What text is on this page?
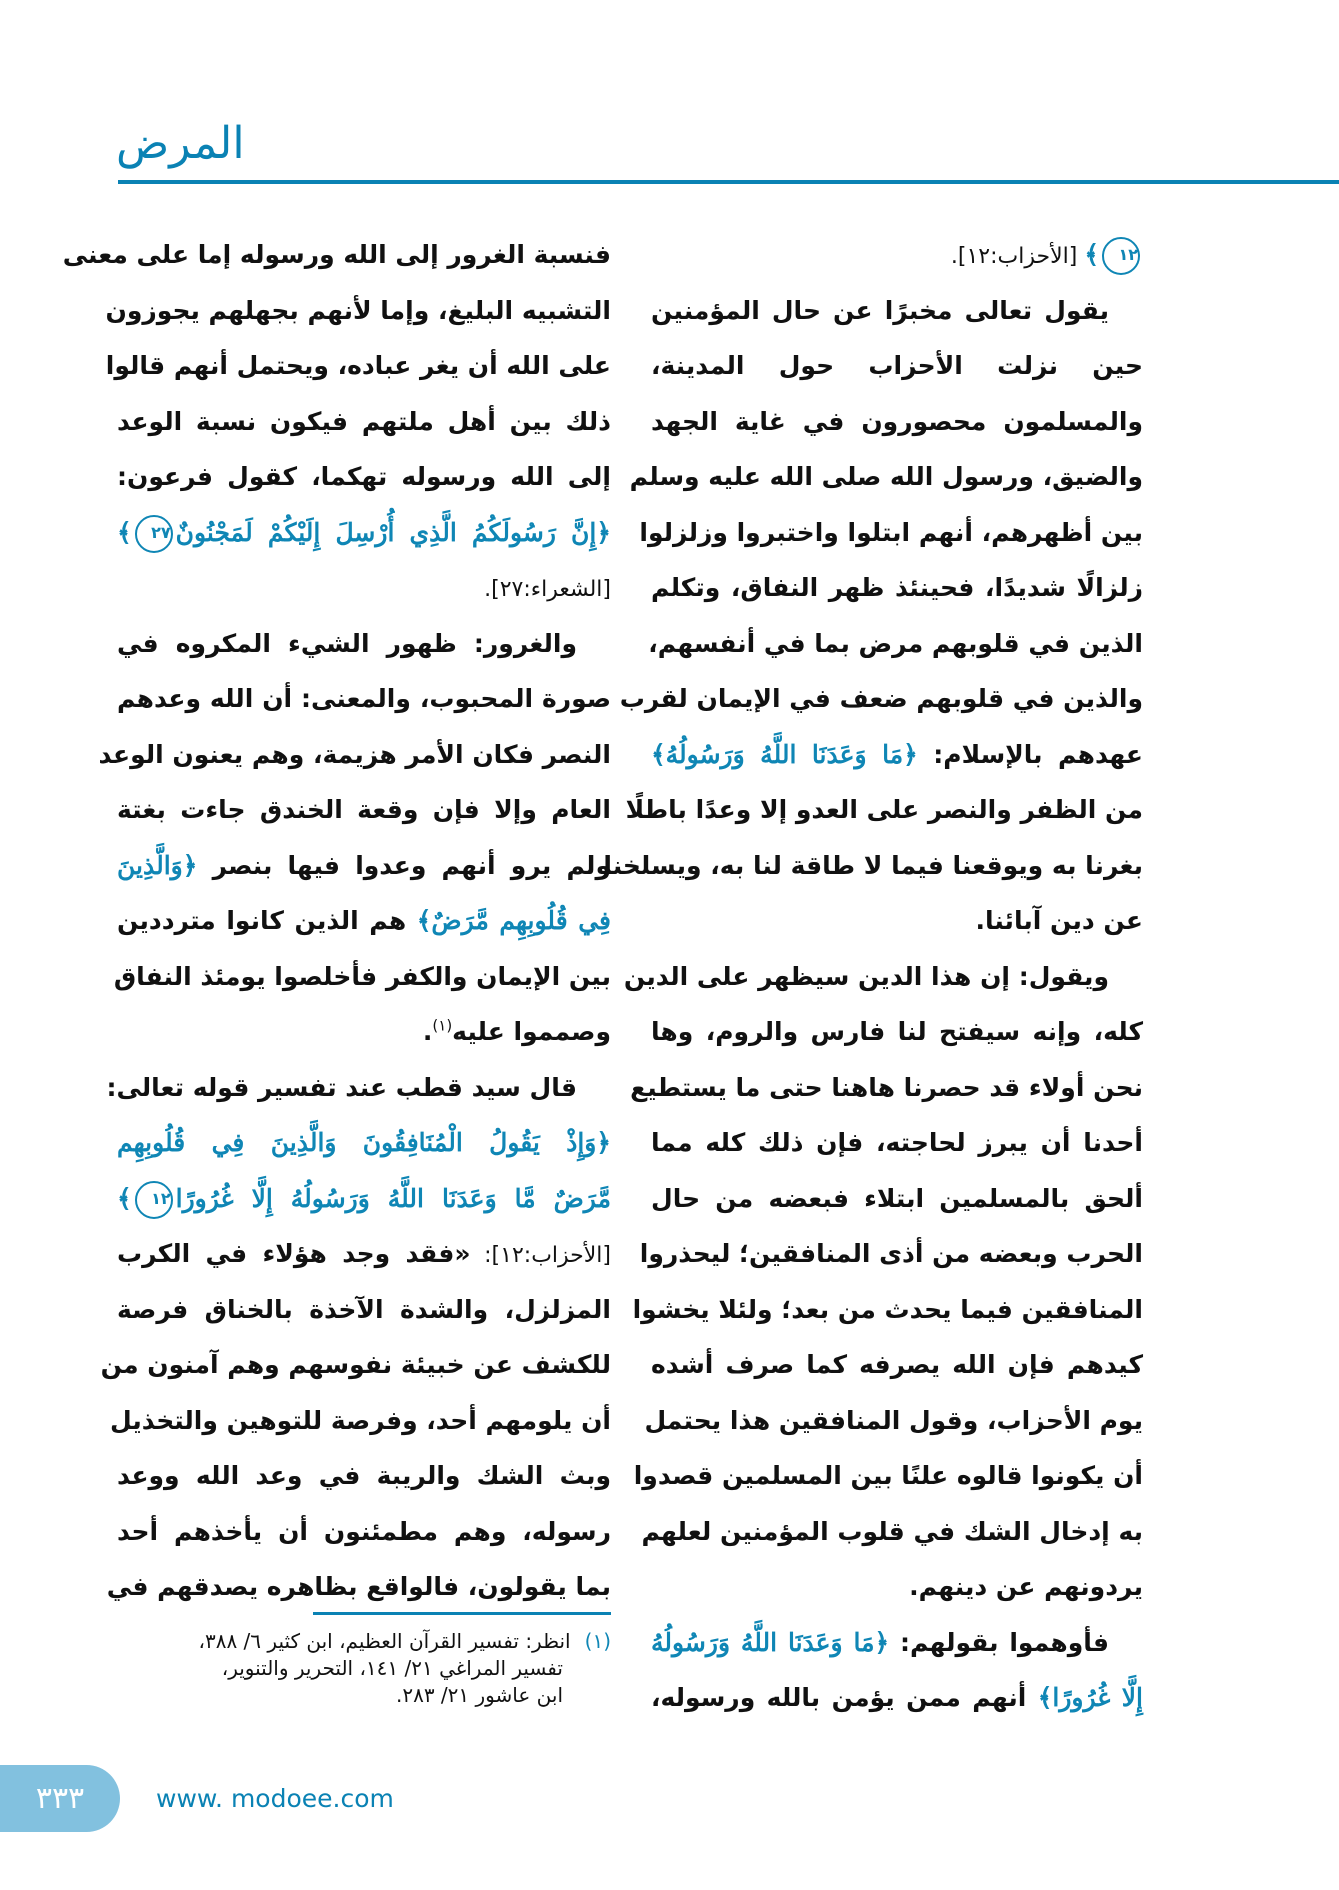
المرض
١٢﴾ [الأحزاب:١٢].
يقول تعالى مخبرًا عن حال المؤمنين
حين نزلت الأحزاب حول المدينة،
والمسلمون محصورون في غاية الجهد
والضيق، ورسول الله صلى الله عليه وسلم
بين أظهرهم، أنهم ابتلوا واختبروا وزلزلوا
زلزالًا شديدًا، فحينئذ ظهر النفاق، وتكلم
الذين في قلوبهم مرض بما في أنفسهم،
والذين في قلوبهم ضعف في الإيمان لقرب
عهدهم بالإسلام: ﴿مَا وَعَدَنَا اللَّهُ وَرَسُولُهُ﴾
من الظفر والنصر على العدو إلا وعدًا باطلًا
بغرنا به ويوقعنا فيما لا طاقة لنا به، ويسلخنا
عن دين آبائنا.
ويقول: إن هذا الدين سيظهر على الدين
كله، وإنه سيفتح لنا فارس والروم، وها
نحن أولاء قد حصرنا هاهنا حتى ما يستطيع
أحدنا أن يبرز لحاجته، فإن ذلك كله مما
ألحق بالمسلمين ابتلاء فبعضه من حال
الحرب وبعضه من أذى المنافقين؛ ليحذروا
المنافقين فيما يحدث من بعد؛ ولئلا يخشوا
كيدهم فإن الله يصرفه كما صرف أشده
يوم الأحزاب، وقول المنافقين هذا يحتمل
أن يكونوا قالوه علنًا بين المسلمين قصدوا
به إدخال الشك في قلوب المؤمنين لعلهم
يردونهم عن دينهم.
فأوهموا بقولهم: ﴿مَا وَعَدَنَا اللَّهُ وَرَسُولُهُ
إِلَّا غُرُورًا﴾ أنهم ممن يؤمن بالله ورسوله،
فنسبة الغرور إلى الله ورسوله إما على معنى
التشبيه البليغ، وإما لأنهم بجهلهم يجوزون
على الله أن يغر عباده، ويحتمل أنهم قالوا
ذلك بين أهل ملتهم فيكون نسبة الوعد
إلى الله ورسوله تهكما، كقول فرعون:
﴿إِنَّ رَسُولَكُمُ الَّذِي أُرْسِلَ إِلَيْكُمْ لَمَجْنُونٌ٢٧﴾
[الشعراء:٢٧].
والغرور: ظهور الشيء المكروه في
صورة المحبوب، والمعنى: أن الله وعدهم
النصر فكان الأمر هزيمة، وهم يعنون الوعد
العام وإلا فإن وقعة الخندق جاءت بغتة
ولم يرو أنهم وعدوا فيها بنصر ﴿وَالَّذِينَ
فِي قُلُوبِهِم مَّرَضٌ﴾ هم الذين كانوا مترددين
بين الإيمان والكفر فأخلصوا يومئذ النفاق
وصمموا عليه$^{(١)}$.
قال سيد قطب عند تفسير قوله تعالى:
﴿وَإِذْ يَقُولُ الْمُنَافِقُونَ وَالَّذِينَ فِي قُلُوبِهِم
مَّرَضٌ مَّا وَعَدَنَا اللَّهُ وَرَسُولُهُ إِلَّا غُرُورًا١٢﴾
[الأحزاب:١٢]: «فقد وجد هؤلاء في الكرب
المزلزل، والشدة الآخذة بالخناق فرصة
للكشف عن خبيئة نفوسهم وهم آمنون من
أن يلومهم أحد، وفرصة للتوهين والتخذيل
وبث الشك والريبة في وعد الله ووعد
رسوله، وهم مطمئنون أن يأخذهم أحد
بما يقولون، فالواقع بظاهره يصدقهم في
(١)انظر: تفسير القرآن العظيم، ابن كثير ٦/ ٣٨٨،
تفسير المراغي ٢١/ ١٤١، التحرير والتنوير،
ابن عاشور ٢١/ ٢٨٣.
٣٣٣	www. modoee.com
